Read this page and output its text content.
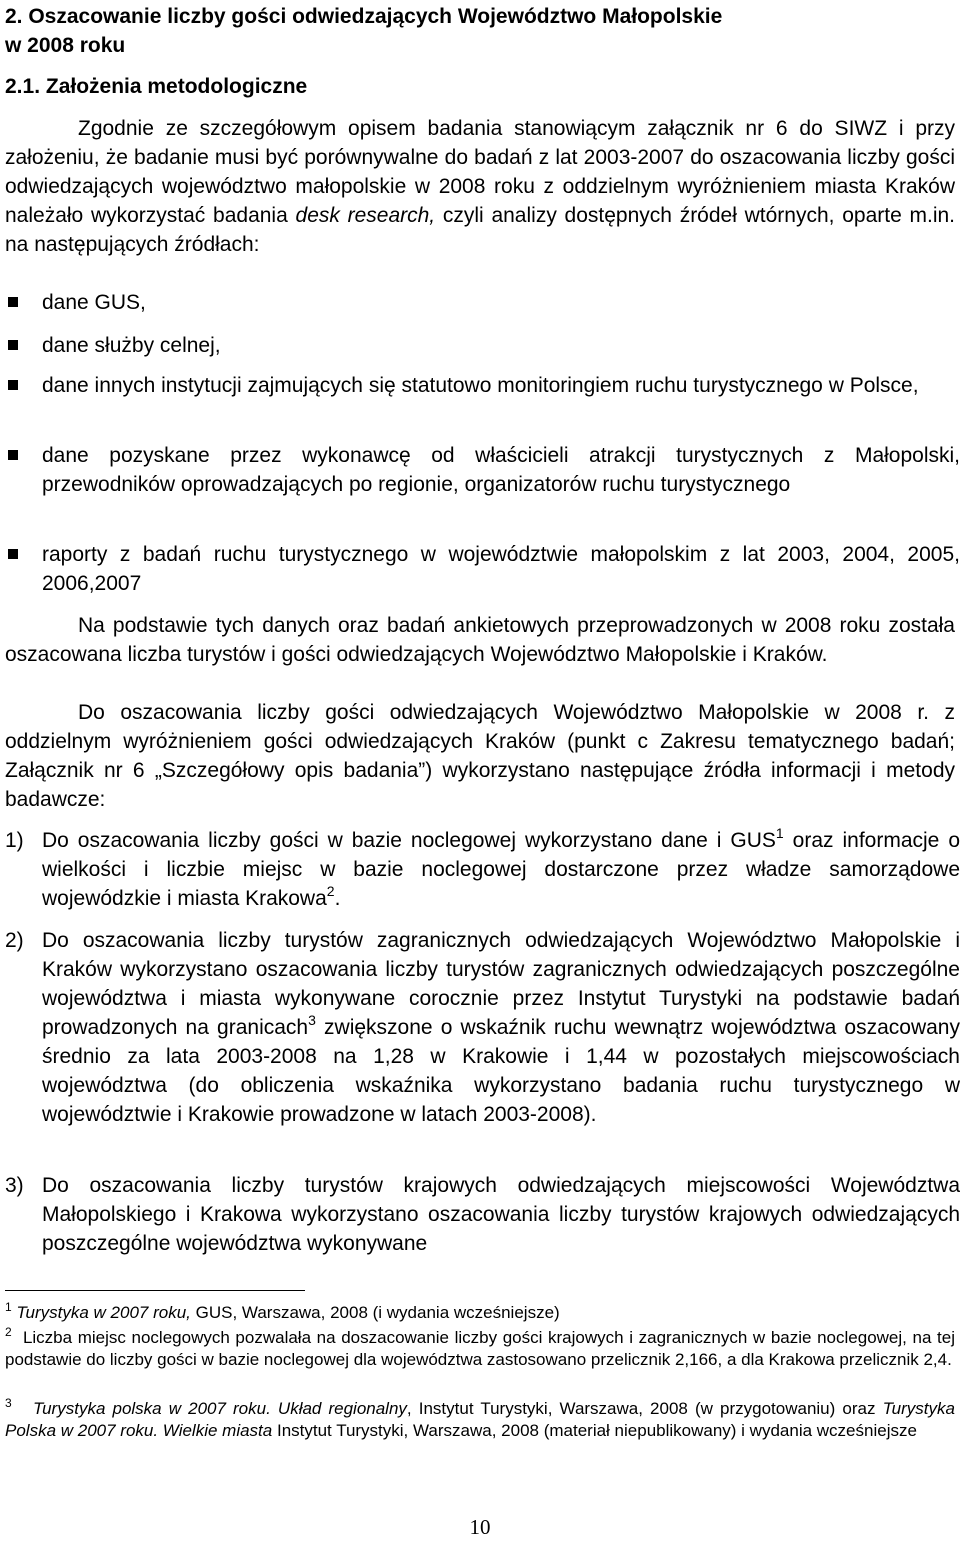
2. Oszacowanie liczby gości odwiedzających Województwo Małopolskie
w 2008 roku
2.1. Założenia metodologiczne
Zgodnie ze szczegółowym opisem badania stanowiącym załącznik nr 6 do SIWZ i przy założeniu, że badanie musi być porównywalne do badań z lat 2003-2007 do oszacowania liczby gości odwiedzających województwo małopolskie w 2008 roku z oddzielnym wyróżnieniem miasta Kraków należało wykorzystać badania desk research, czyli analizy dostępnych źródeł wtórnych, oparte m.in. na następujących źródłach:
dane GUS,
dane służby celnej,
dane innych instytucji zajmujących się statutowo monitoringiem ruchu turystycznego w Polsce,
dane pozyskane przez wykonawcę od właścicieli atrakcji turystycznych z Małopolski, przewodników oprowadzających po regionie, organizatorów ruchu turystycznego
raporty z badań ruchu turystycznego w województwie małopolskim z lat 2003, 2004, 2005, 2006,2007
Na podstawie tych danych oraz badań ankietowych przeprowadzonych w 2008 roku została oszacowana liczba turystów i gości odwiedzających Województwo Małopolskie i Kraków.
Do oszacowania liczby gości odwiedzających Województwo Małopolskie w 2008 r. z oddzielnym wyróżnieniem gości odwiedzających Kraków (punkt c Zakresu tematycznego badań; Załącznik nr 6 „Szczegółowy opis badania”) wykorzystano następujące źródła informacji i metody badawcze:
1) Do oszacowania liczby gości w bazie noclegowej wykorzystano dane i GUS$^1$ oraz informacje o wielkości i liczbie miejsc w bazie noclegowej dostarczone przez władze samorządowe wojewódzkie i miasta Krakowa$^2$.
2) Do oszacowania liczby turystów zagranicznych odwiedzających Województwo Małopolskie i Kraków wykorzystano oszacowania liczby turystów zagranicznych odwiedzających poszczególne województwa i miasta wykonywane corocznie przez Instytut Turystyki na podstawie badań prowadzonych na granicach$^3$ zwiększone o wskaźnik ruchu wewnątrz województwa oszacowany średnio za lata 2003-2008 na 1,28 w Krakowie i 1,44 w pozostałych miejscowościach województwa (do obliczenia wskaźnika wykorzystano badania ruchu turystycznego w województwie i Krakowie prowadzone w latach 2003-2008).
3) Do oszacowania liczby turystów krajowych odwiedzających miejscowości Województwa Małopolskiego i Krakowa wykorzystano oszacowania liczby turystów krajowych odwiedzających poszczególne województwa wykonywane
$^1$ Turystyka w 2007 roku, GUS, Warszawa, 2008 (i wydania wcześniejsze)
$^2$ Liczba miejsc noclegowych pozwalała na doszacowanie liczby gości krajowych i zagranicznych w bazie noclegowej, na tej podstawie do liczby gości w bazie noclegowej dla województwa zastosowano przelicznik 2,166, a dla Krakowa przelicznik 2,4.
$^3$ Turystyka polska w 2007 roku. Układ regionalny, Instytut Turystyki, Warszawa, 2008 (w przygotowaniu) oraz Turystyka Polska w 2007 roku. Wielkie miasta Instytut Turystyki, Warszawa, 2008 (materiał niepublikowany) i wydania wcześniejsze
10
